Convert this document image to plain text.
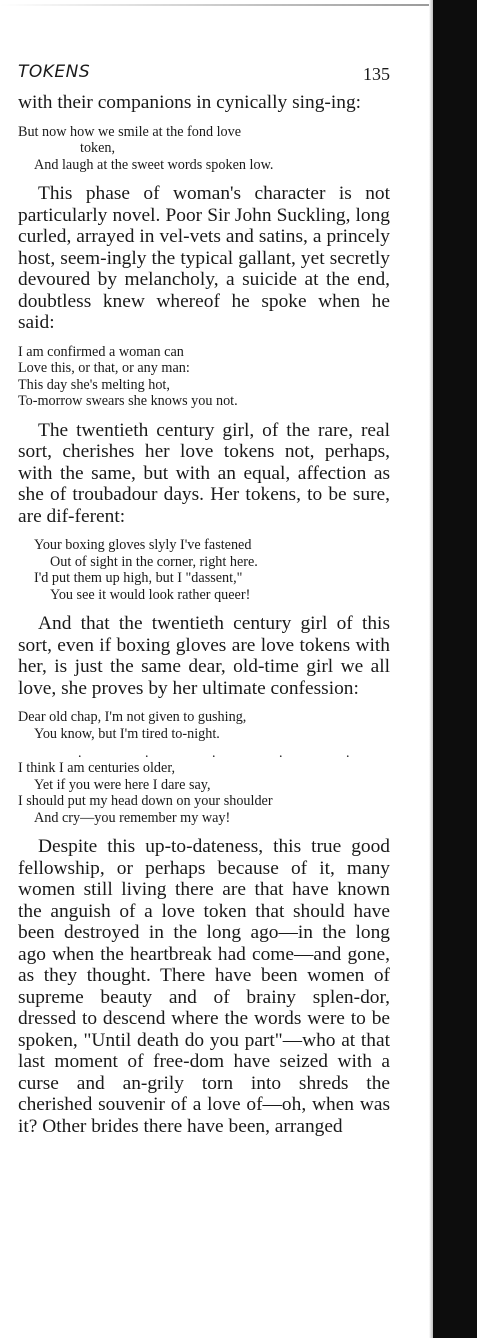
TOKENS	135

with their companions in cynically sing-ing:

But now how we smile at the fond love
token,
And laugh at the sweet words spoken low.

This phase of woman's character is not particularly novel. Poor Sir John Suckling, long curled, arrayed in vel-vets and satins, a princely host, seem-ingly the typical gallant, yet secretly devoured by melancholy, a suicide at the end, doubtless knew whereof he spoke when he said:

I am confirmed a woman can
Love this, or that, or any man:
This day she's melting hot,
To-morrow swears she knows you not.

The twentieth century girl, of the rare, real sort, cherishes her love tokens not, perhaps, with the same, but with an equal, affection as she of troubadour days. Her tokens, to be sure, are dif-ferent:

Your boxing gloves slyly I've fastened
Out of sight in the corner, right here.
I'd put them up high, but I "dassent,"
You see it would look rather queer!

And that the twentieth century girl of this sort, even if boxing gloves are love tokens with her, is just the same dear, old-time girl we all love, she proves by her ultimate confession:

Dear old chap, I'm not given to gushing,
You know, but I'm tired to-night.
. . . . .
I think I am centuries older,
Yet if you were here I dare say,
I should put my head down on your shoulder
And cry—you remember my way!

Despite this up-to-dateness, this true good fellowship, or perhaps because of it, many women still living there are that have known the anguish of a love token that should have been destroyed in the long ago—in the long ago when the heartbreak had come—and gone, as they thought. There have been women of supreme beauty and of brainy splen-dor, dressed to descend where the words were to be spoken, "Until death do you part"—who at that last moment of free-dom have seized with a curse and an-grily torn into shreds the cherished souvenir of a love of—oh, when was it? Other brides there have been, arranged
